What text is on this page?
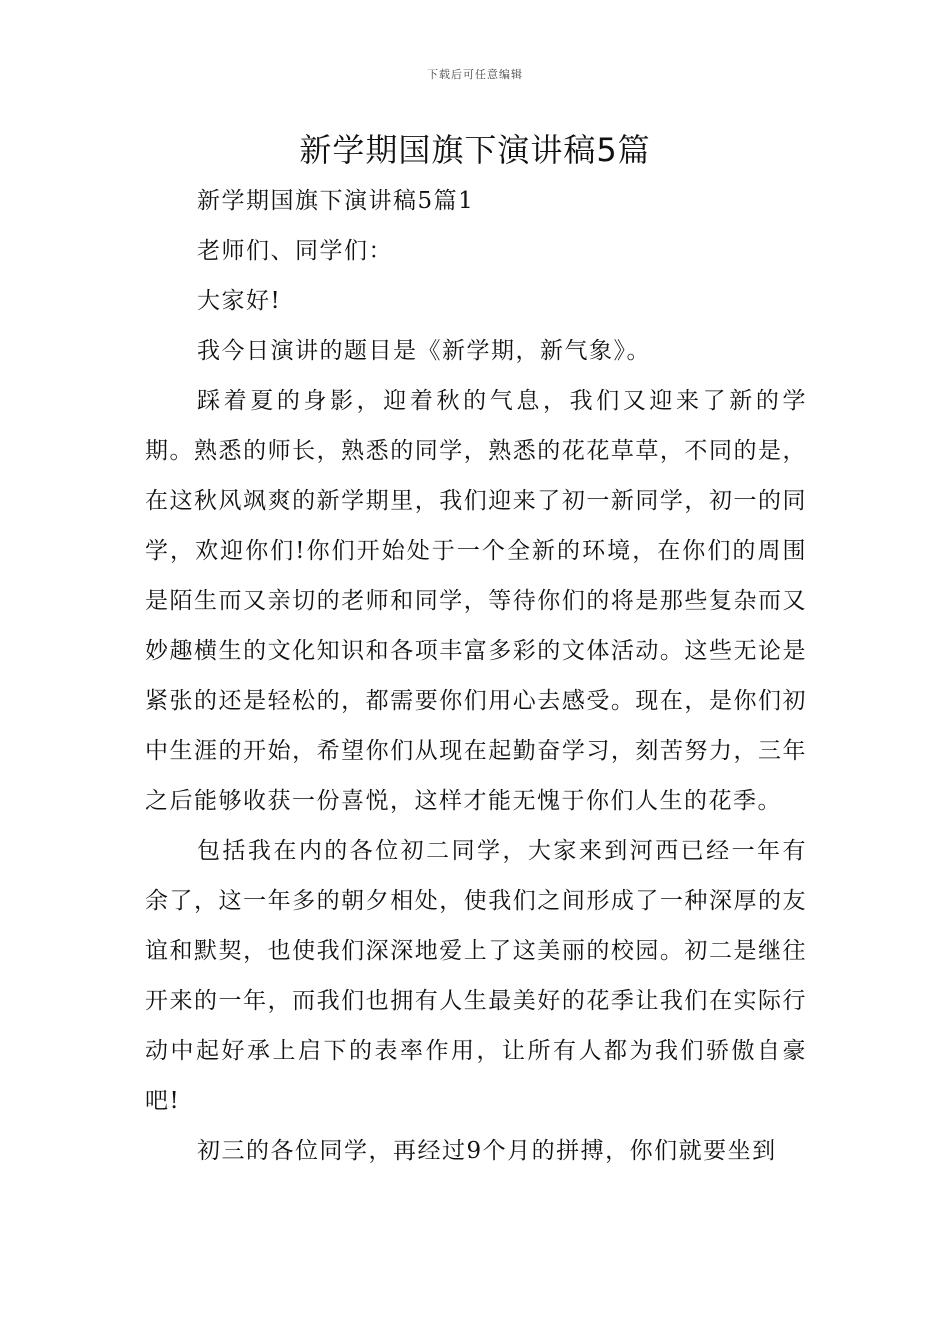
下载后可任意编辑
新学期国旗下演讲稿5篇

新学期国旗下演讲稿5篇1

老师们、同学们：

大家好!

我今日演讲的题目是《新学期，新气象》。

踩着夏的身影，迎着秋的气息，我们又迎来了新的学期。熟悉的师长，熟悉的同学，熟悉的花花草草，不同的是，在这秋风飒爽的新学期里，我们迎来了初一新同学，初一的同学，欢迎你们!你们开始处于一个全新的环境，在你们的周围是陌生而又亲切的老师和同学，等待你们的将是那些复杂而又妙趣横生的文化知识和各项丰富多彩的文体活动。这些无论是紧张的还是轻松的，都需要你们用心去感受。现在，是你们初中生涯的开始，希望你们从现在起勤奋学习，刻苦努力，三年之后能够收获一份喜悦，这样才能无愧于你们人生的花季。

包括我在内的各位初二同学，大家来到河西已经一年有余了，这一年多的朝夕相处，使我们之间形成了一种深厚的友谊和默契，也使我们深深地爱上了这美丽的校园。初二是继往开来的一年，而我们也拥有人生最美好的花季让我们在实际行动中起好承上启下的表率作用，让所有人都为我们骄傲自豪吧!

初三的各位同学，再经过9个月的拼搏，你们就要坐到
